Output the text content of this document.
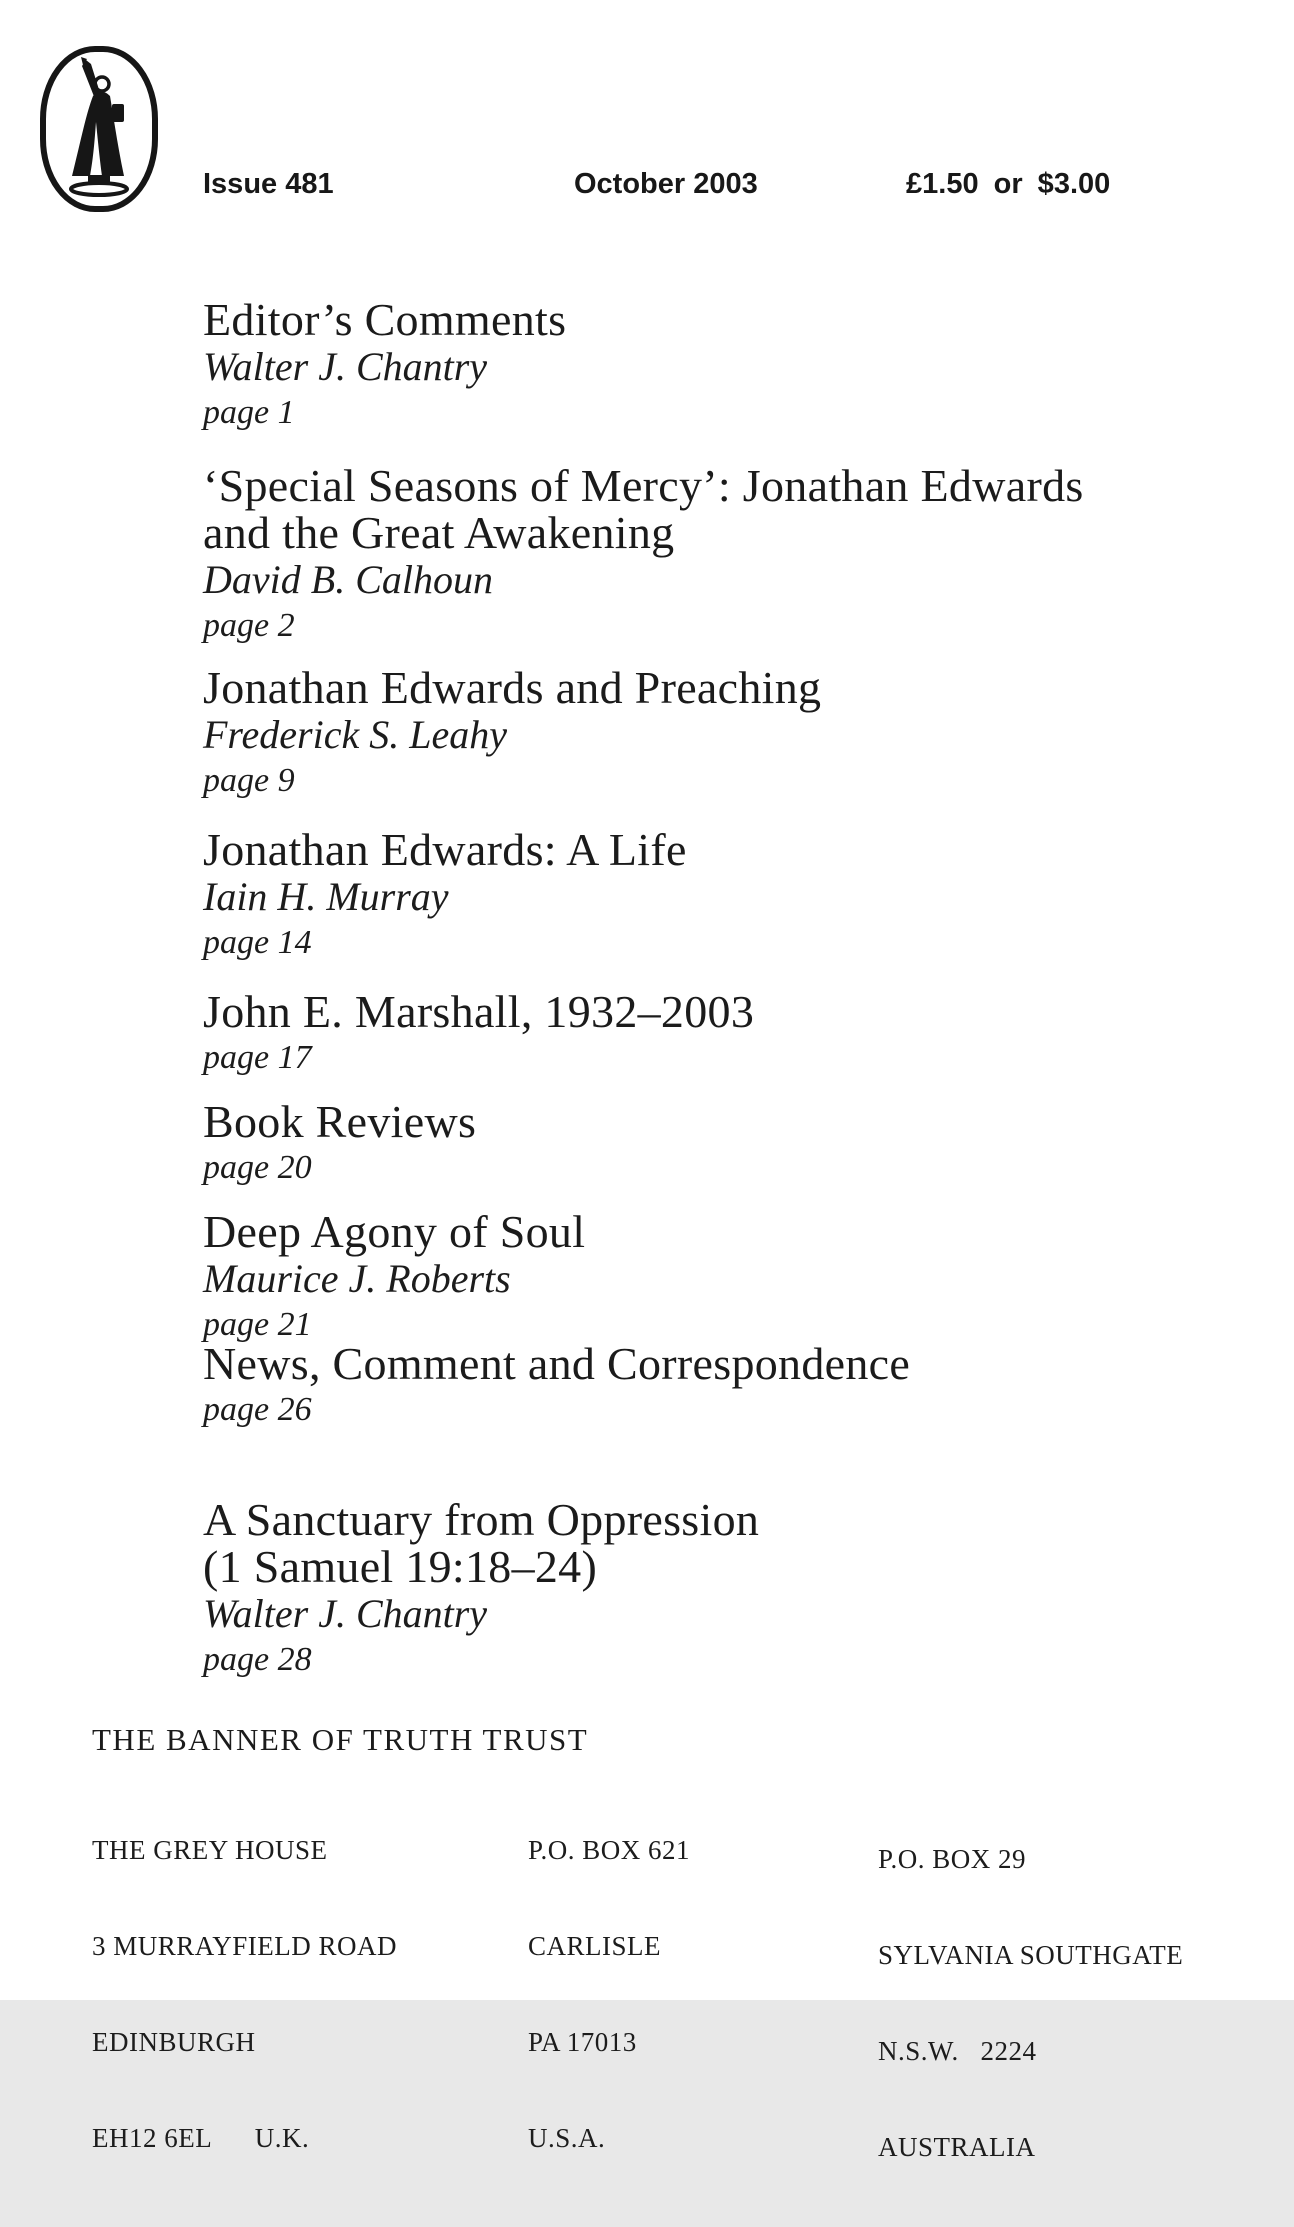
Issue 481	October 2003	£1.50 or $3.00
Editor’s Comments
Walter J. Chantry
page 1
‘Special Seasons of Mercy’: Jonathan Edwards
and the Great Awakening
David B. Calhoun
page 2
Jonathan Edwards and Preaching
Frederick S. Leahy
page 9
Jonathan Edwards: A Life
Iain H. Murray
page 14
John E. Marshall, 1932–2003
page 17
Book Reviews
page 20
Deep Agony of Soul
Maurice J. Roberts
page 21
News, Comment and Correspondence
page 26
A Sanctuary from Oppression
(1 Samuel 19:18–24)
Walter J. Chantry
page 28
THE BANNER OF TRUTH TRUST

THE GREY HOUSE

3 MURRAYFIELD ROAD

EDINBURGH

EH12 6EL      U.K.

P.O. BOX 621

CARLISLE

PA 17013

U.S.A.

P.O. BOX 29

SYLVANIA SOUTHGATE

N.S.W.   2224

AUSTRALIA
